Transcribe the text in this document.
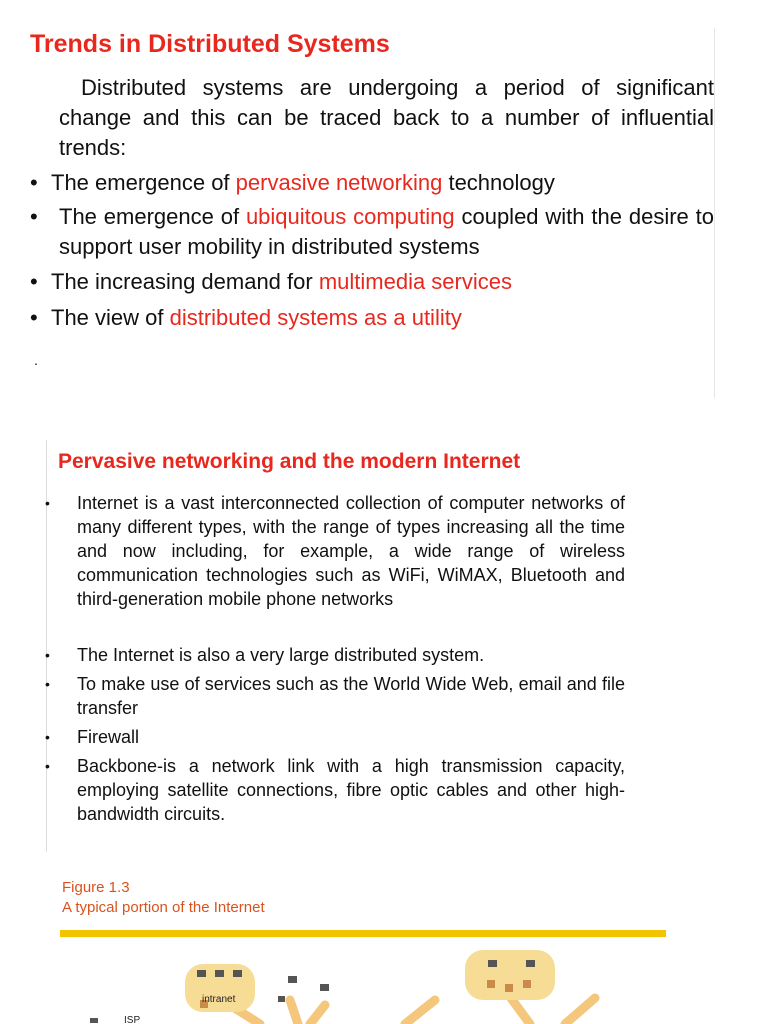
Trends in Distributed Systems
Distributed systems are undergoing a period of significant change and this can be traced back to a number of influential trends:
• The emergence of pervasive networking technology
• The emergence of ubiquitous computing coupled with the desire to support user mobility in distributed systems
• The increasing demand for multimedia services
• The view of distributed systems as a utility
.
Pervasive networking and the modern Internet
• Internet is a vast interconnected collection of computer networks of many different types, with the range of types increasing all the time and now including, for example, a wide range of wireless communication technologies such as WiFi, WiMAX, Bluetooth and third-generation mobile phone networks
• The Internet is also a very large distributed system.
• To make use of services such as the World Wide Web, email and file transfer
• Firewall
• Backbone-is a network link with a high transmission capacity, employing satellite connections, fibre optic cables and other high-bandwidth circuits.
Figure 1.3
A typical portion of the Internet
intranet
ISP
